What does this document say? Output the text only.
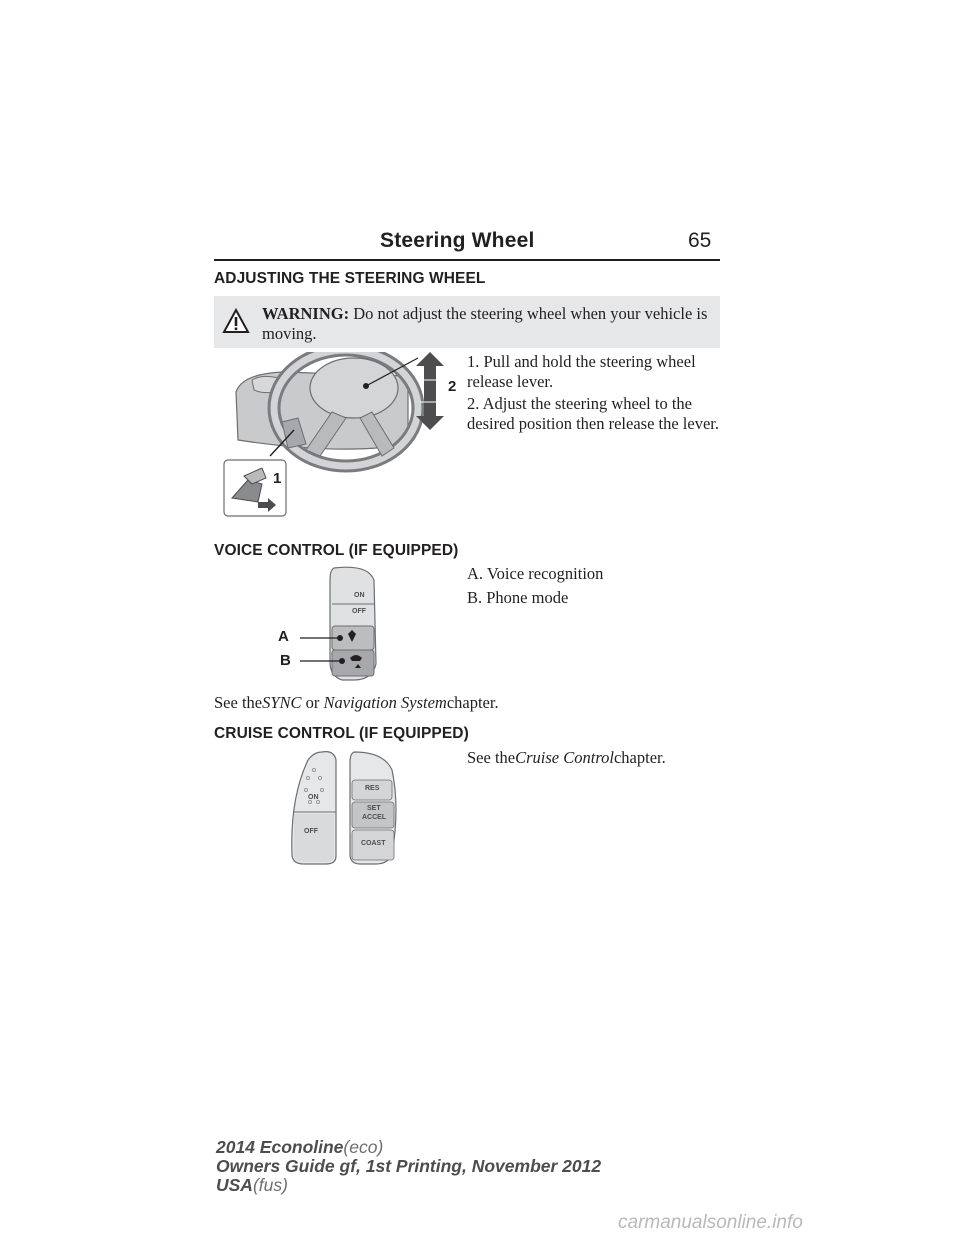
Steering Wheel	65
ADJUSTING THE STEERING WHEEL
WARNING: Do not adjust the steering wheel when your vehicle is moving.
1
2
1. Pull and hold the steering wheel release lever.
2. Adjust the steering wheel to the desired position then release the lever.
VOICE CONTROL (IF EQUIPPED)
ON
OFF
A
B
A. Voice recognition
B. Phone mode
See theSYNC or Navigation Systemchapter.
CRUISE CONTROL (IF EQUIPPED)
See theCruise Controlchapter.
ON
OFF
RES
SET
ACCEL
COAST
2014 Econoline(eco)
Owners Guide gf, 1st Printing, November 2012
USA(fus)
carmanualsonline.info
